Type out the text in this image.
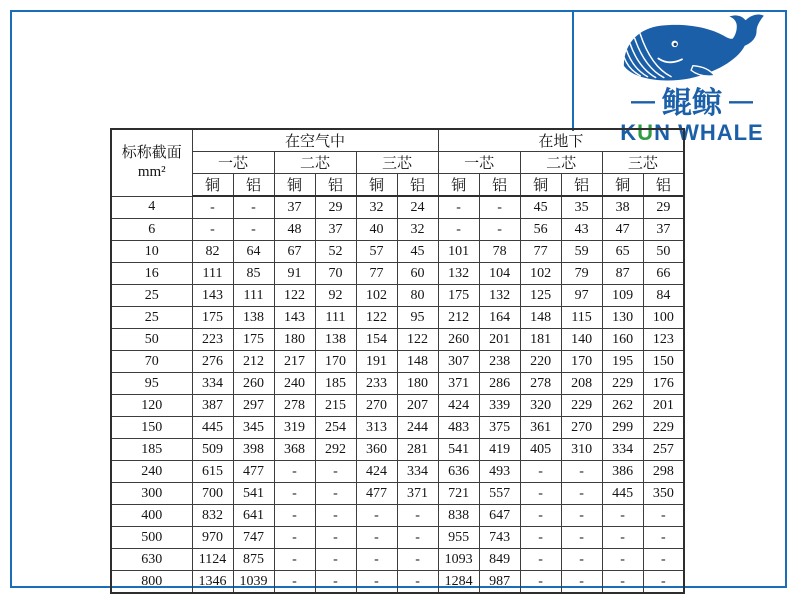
— 鲲鲸 —
KUN WHALE
标称截面
mm²	在空气中						在地下					
	一芯		二芯		三芯		一芯		二芯		三芯	
	铜	铝	铜	铝	铜	铝	铜	铝	铜	铝	铜	铝
4	-	-	37	29	32	24	-	-	45	35	38	29
6	-	-	48	37	40	32	-	-	56	43	47	37
10	82	64	67	52	57	45	101	78	77	59	65	50
16	111	85	91	70	77	60	132	104	102	79	87	66
25	143	111	122	92	102	80	175	132	125	97	109	84
25	175	138	143	111	122	95	212	164	148	115	130	100
50	223	175	180	138	154	122	260	201	181	140	160	123
70	276	212	217	170	191	148	307	238	220	170	195	150
95	334	260	240	185	233	180	371	286	278	208	229	176
120	387	297	278	215	270	207	424	339	320	229	262	201
150	445	345	319	254	313	244	483	375	361	270	299	229
185	509	398	368	292	360	281	541	419	405	310	334	257
240	615	477	-	-	424	334	636	493	-	-	386	298
300	700	541	-	-	477	371	721	557	-	-	445	350
400	832	641	-	-	-	-	838	647	-	-	-	-
500	970	747	-	-	-	-	955	743	-	-	-	-
630	1124	875	-	-	-	-	1093	849	-	-	-	-
800	1346	1039	-	-	-	-	1284	987	-	-	-	-
